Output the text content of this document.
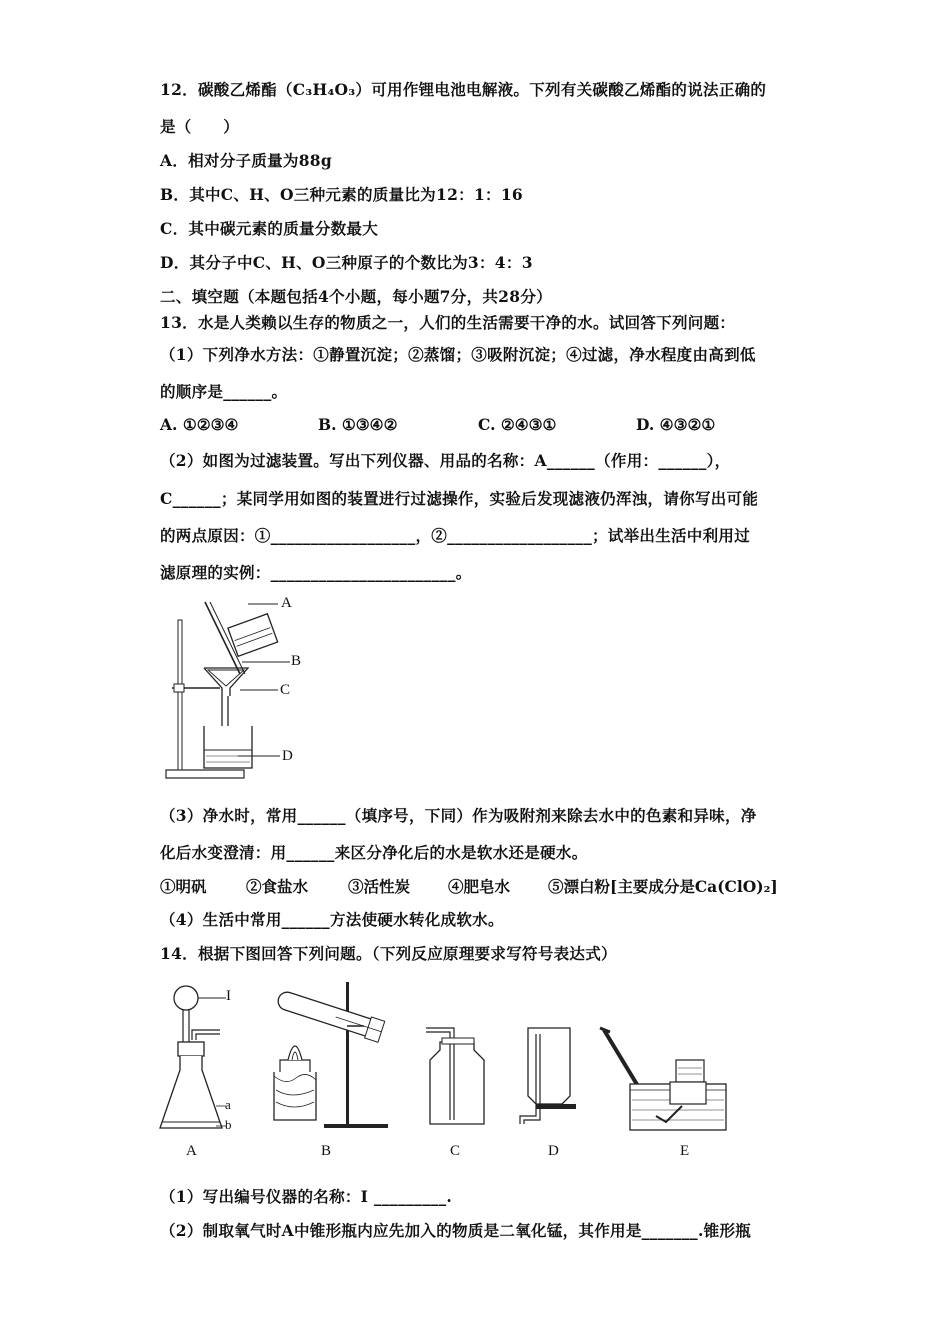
12．碳酸乙烯酯（C₃H₄O₃）可用作锂电池电解液。下列有关碳酸乙烯酯的说法正确的
是（　　）
A．相对分子质量为88g
B．其中C、H、O三种元素的质量比为12：1：16
C．其中碳元素的质量分数最大
D．其分子中C、H、O三种原子的个数比为3：4：3
二、填空题（本题包括4个小题，每小题7分，共28分）
13．水是人类赖以生存的物质之一，人们的生活需要干净的水。试回答下列问题：
（1）下列净水方法：①静置沉淀；②蒸馏；③吸附沉淀；④过滤，净水程度由高到低
的顺序是______。
A. ①②③④	B. ①③④②	C. ②④③①	D. ④③②①
（2）如图为过滤装置。写出下列仪器、用品的名称：A______（作用：______），
C______；某同学用如图的装置进行过滤操作，实验后发现滤液仍浑浊，请你写出可能
的两点原因：①__________________，②__________________；试举出生活中利用过
滤原理的实例：_______________________。
A
B
C
D
（3）净水时，常用______（填序号，下同）作为吸附剂来除去水中的色素和异味，净
化后水变澄清：用______来区分净化后的水是软水还是硬水。
①明矾	②食盐水	③活性炭 ④肥皂水 ⑤漂白粉[主要成分是Ca(ClO)₂]
（4）生活中常用______方法使硬水转化成软水。
14．根据下图回答下列问题。（下列反应原理要求写符号表达式）
I
a
b
A	B	C	D	E
（1）写出编号仪器的名称：Ⅰ _________.
（2）制取氧气时A中锥形瓶内应先加入的物质是二氧化锰，其作用是_______.锥形瓶
